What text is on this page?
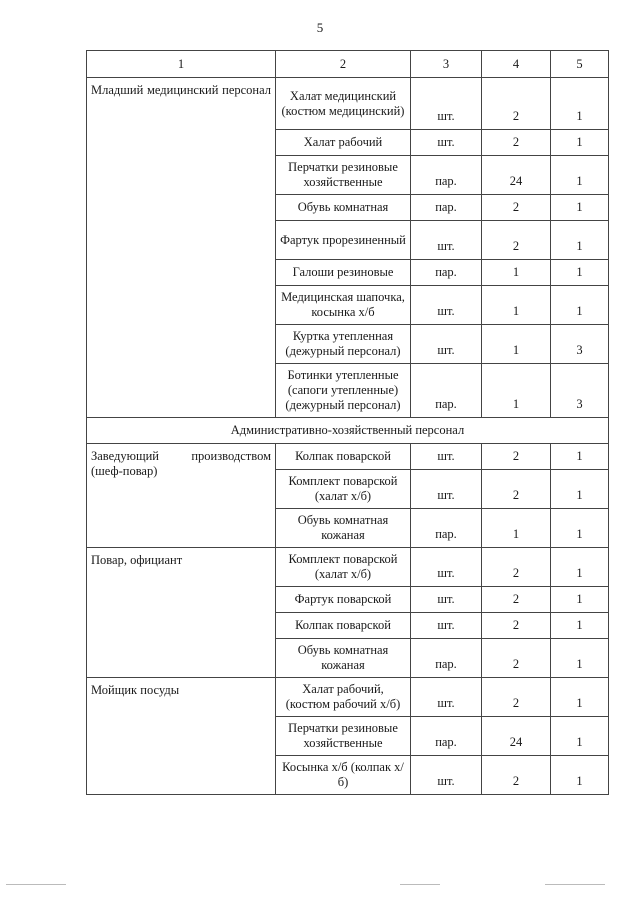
5
1	2	3	4	5
Младший медицинский персонал	Халат медицинский (костюм медицинский)	шт.	2	1
	Халат рабочий	шт.	2	1
	Перчатки резиновые хозяйственные	пар.	24	1
	Обувь комнатная	пар.	2	1
	Фартук прорезиненный	шт.	2	1
	Галоши резиновые	пар.	1	1
	Медицинская шапочка, косынка х/б	шт.	1	1
	Куртка утепленная (дежурный персонал)	шт.	1	3
	Ботинки утепленные (сапоги утепленные) (дежурный персонал)	пар.	1	3
Административно-хозяйственный персонал				
Заведующий производством (шеф-повар)	Колпак поварской	шт.	2	1
	Комплект поварской (халат х/б)	шт.	2	1
	Обувь комнатная кожаная	пар.	1	1
Повар, официант	Комплект поварской (халат х/б)	шт.	2	1
	Фартук поварской	шт.	2	1
	Колпак поварской	шт.	2	1
	Обувь комнатная кожаная	пар.	2	1
Мойщик посуды	Халат рабочий, (костюм рабочий х/б)	шт.	2	1
	Перчатки резиновые хозяйственные	пар.	24	1
	Косынка х/б (колпак х/б)	шт.	2	1
